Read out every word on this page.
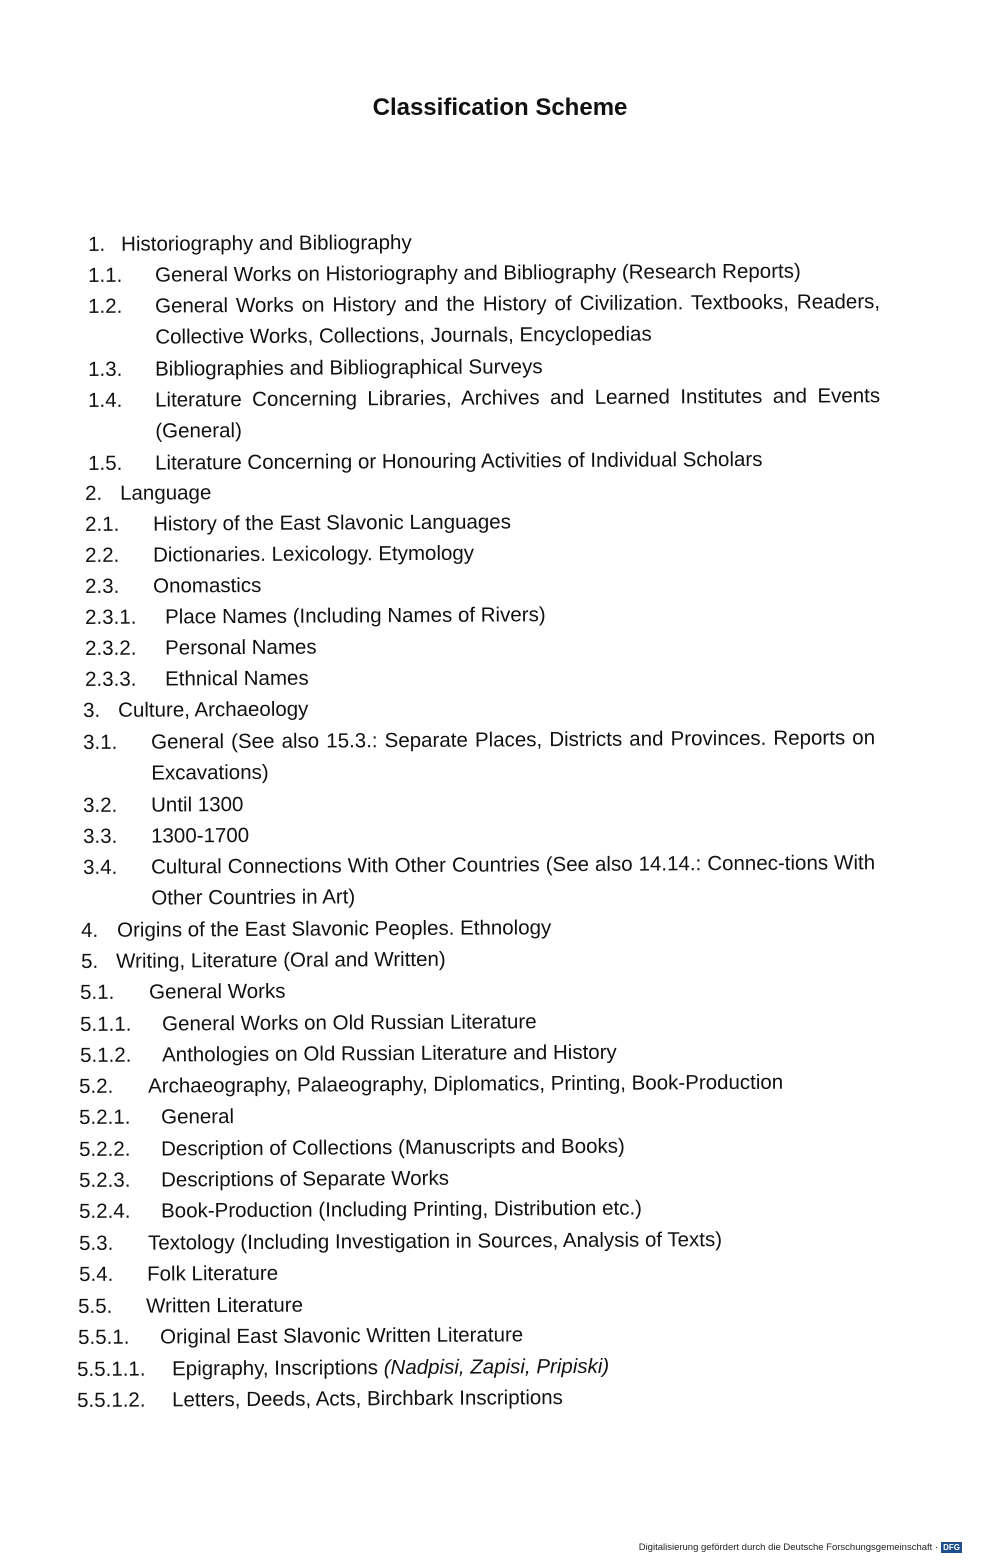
Classification Scheme
1. Historiography and Bibliography
1.1. General Works on Historiography and Bibliography (Research Reports)
1.2. General Works on History and the History of Civilization. Textbooks, Readers, Collective Works, Collections, Journals, Encyclopedias
1.3. Bibliographies and Bibliographical Surveys
1.4. Literature Concerning Libraries, Archives and Learned Institutes and Events (General)
1.5. Literature Concerning or Honouring Activities of Individual Scholars
2. Language
2.1. History of the East Slavonic Languages
2.2. Dictionaries. Lexicology. Etymology
2.3. Onomastics
2.3.1. Place Names (Including Names of Rivers)
2.3.2. Personal Names
2.3.3. Ethnical Names
3. Culture, Archaeology
3.1. General (See also 15.3.: Separate Places, Districts and Provinces. Reports on Excavations)
3.2. Until 1300
3.3. 1300-1700
3.4. Cultural Connections With Other Countries (See also 14.14.: Connec-tions With Other Countries in Art)
4. Origins of the East Slavonic Peoples. Ethnology
5. Writing, Literature (Oral and Written)
5.1. General Works
5.1.1. General Works on Old Russian Literature
5.1.2. Anthologies on Old Russian Literature and History
5.2. Archaeography, Palaeography, Diplomatics, Printing, Book-Production
5.2.1. General
5.2.2. Description of Collections (Manuscripts and Books)
5.2.3. Descriptions of Separate Works
5.2.4. Book-Production (Including Printing, Distribution etc.)
5.3. Textology (Including Investigation in Sources, Analysis of Texts)
5.4. Folk Literature
5.5. Written Literature
5.5.1. Original East Slavonic Written Literature
5.5.1.1. Epigraphy, Inscriptions (Nadpisi, Zapisi, Pripiski)
5.5.1.2. Letters, Deeds, Acts, Birchbark Inscriptions
Digitalisierung gefördert durch die Deutsche Forschungsgemeinschaft · DFG
